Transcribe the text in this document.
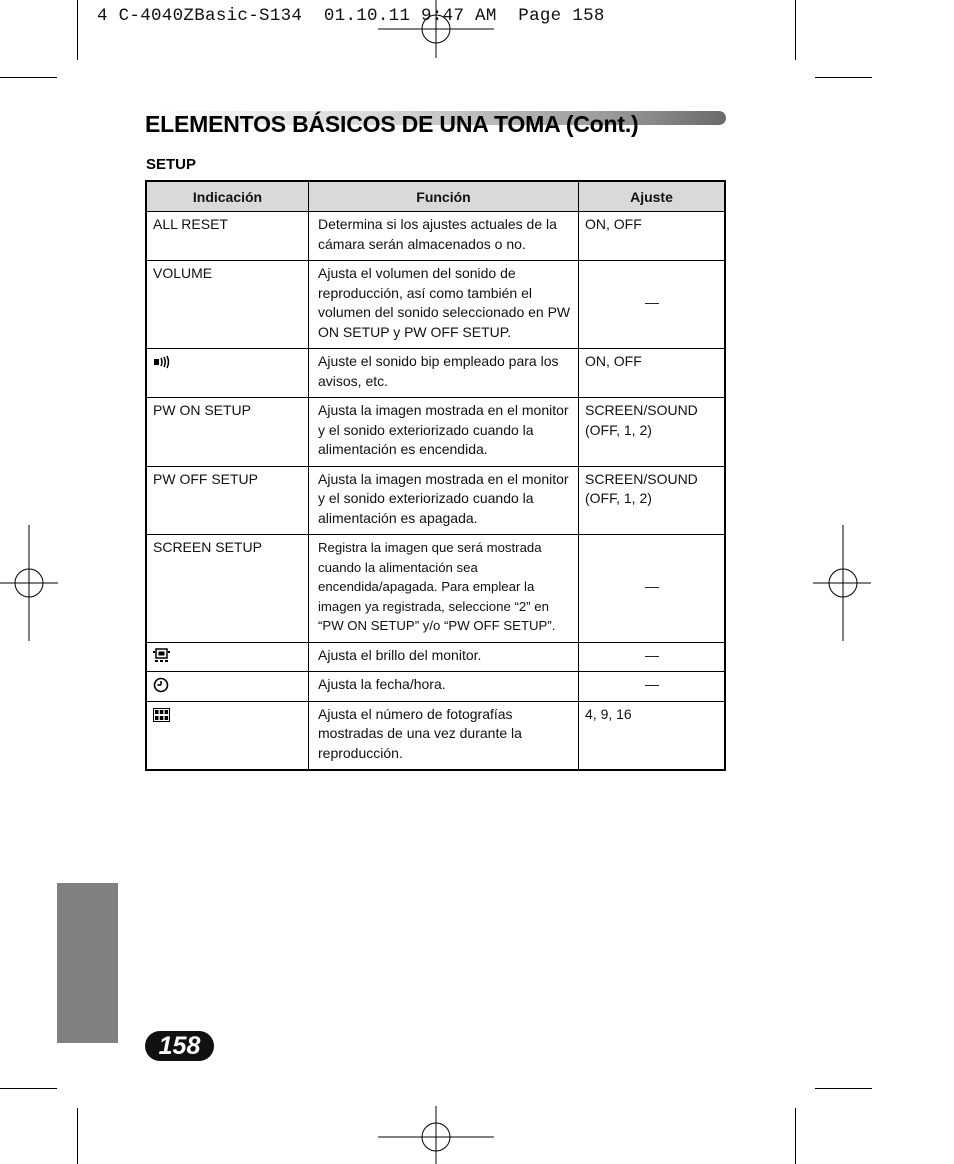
4 C-4040ZBasic-S134  01.10.11 9:47 AM  Page 158
ELEMENTOS BÁSICOS DE UNA TOMA (Cont.)
SETUP
Indicación	Función	Ajuste
ALL RESET	Determina si los ajustes actuales de la cámara serán almacenados o no.	ON, OFF
VOLUME	Ajusta el volumen del sonido de reproducción, así como también el volumen del sonido seleccionado en PW ON SETUP y PW OFF SETUP.	—
	Ajuste el sonido bip empleado para los avisos, etc.	ON, OFF
PW ON SETUP	Ajusta la imagen mostrada en el monitor y el sonido exteriorizado cuando la alimentación es encendida.	SCREEN/SOUND (OFF, 1, 2)
PW OFF SETUP	Ajusta la imagen mostrada en el monitor y el sonido exteriorizado cuando la alimentación es apagada.	SCREEN/SOUND (OFF, 1, 2)
SCREEN SETUP	Registra la imagen que será mostrada cuando la alimentación sea encendida/apagada. Para emplear la imagen ya registrada, seleccione “2” en “PW ON SETUP” y/o “PW OFF SETUP”.	—
	Ajusta el brillo del monitor.	—
	Ajusta la fecha/hora.	—
	Ajusta el número de fotografías mostradas de una vez durante la reproducción.	4, 9, 16
158
